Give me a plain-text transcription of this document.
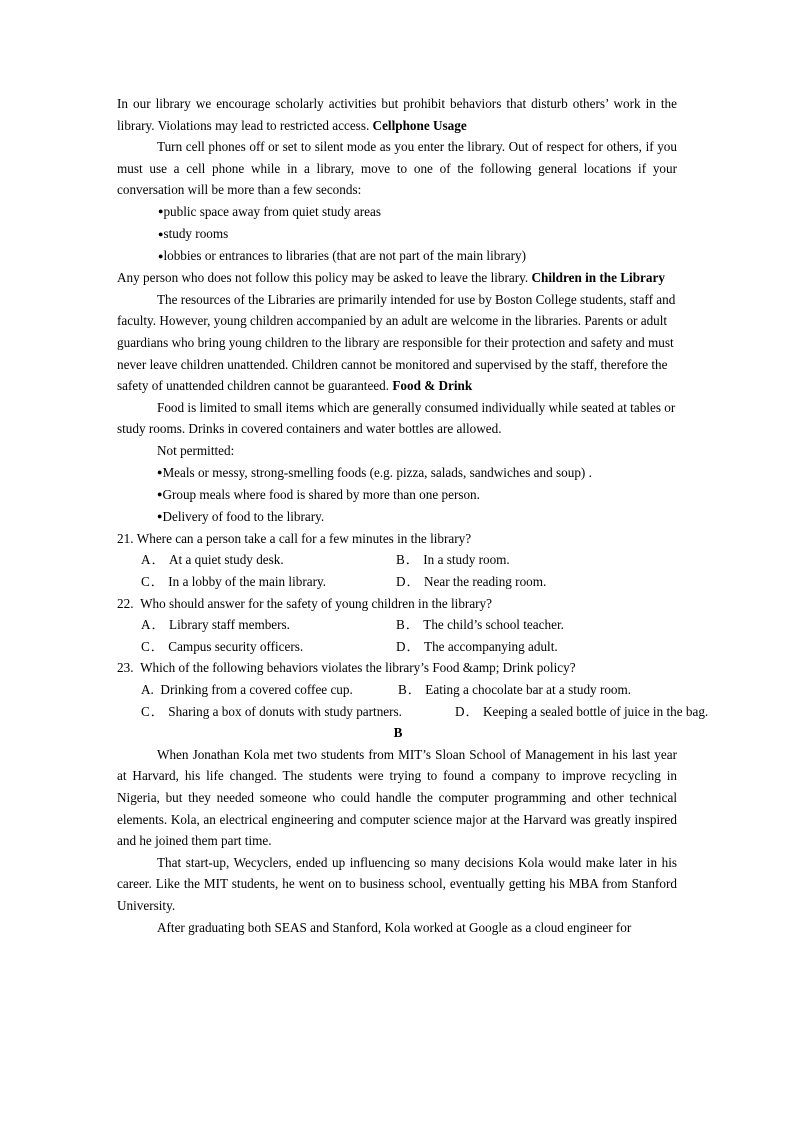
In our library we encourage scholarly activities but prohibit behaviors that disturb others’ work in the library. Violations may lead to restricted access. Cellphone Usage

Turn cell phones off or set to silent mode as you enter the library. Out of respect for others, if you must use a cell phone while in a library, move to one of the following general locations if your conversation will be more than a few seconds:

● public space away from quiet study areas
● study rooms
● lobbies or entrances to libraries (that are not part of the main library)

Any person who does not follow this policy may be asked to leave the library. Children in the Library

The resources of the Libraries are primarily intended for use by Boston College students, staff and faculty. However, young children accompanied by an adult are welcome in the libraries. Parents or adult guardians who bring young children to the library are responsible for their protection and safety and must never leave children unattended. Children cannot be monitored and supervised by the staff, therefore the safety of unattended children cannot be guaranteed. Food & Drink

Food is limited to small items which are generally consumed individually while seated at tables or study rooms. Drinks in covered containers and water bottles are allowed.

Not permitted:

● Meals or messy, strong-smelling foods (e.g. pizza, salads, sandwiches and soup) .
● Group meals where food is shared by more than one person.
● Delivery of food to the library.

21. Where can a person take a call for a few minutes in the library?

A． At a quiet study desk.	B． In a study room.
C． In a lobby of the main library.	D． Near the reading room.

22. Who should answer for the safety of young children in the library?

A． Library staff members.	B． The child’s school teacher.
C． Campus security officers.	D． The accompanying adult.

23. Which of the following behaviors violates the library’s Food &amp; Drink policy?

A. Drinking from a covered coffee cup.	B． Eating a chocolate bar at a study room.
C． Sharing a box of donuts with study partners.	D． Keeping a sealed bottle of juice in the bag.

B

When Jonathan Kola met two students from MIT’s Sloan School of Management in his last year at Harvard, his life changed. The students were trying to found a company to improve recycling in Nigeria, but they needed someone who could handle the computer programming and other technical elements. Kola, an electrical engineering and computer science major at the Harvard was greatly inspired and he joined them part time.

That start-up, Wecyclers, ended up influencing so many decisions Kola would make later in his career. Like the MIT students, he went on to business school, eventually getting his MBA from Stanford University.

After graduating both SEAS and Stanford, Kola worked at Google as a cloud engineer for
